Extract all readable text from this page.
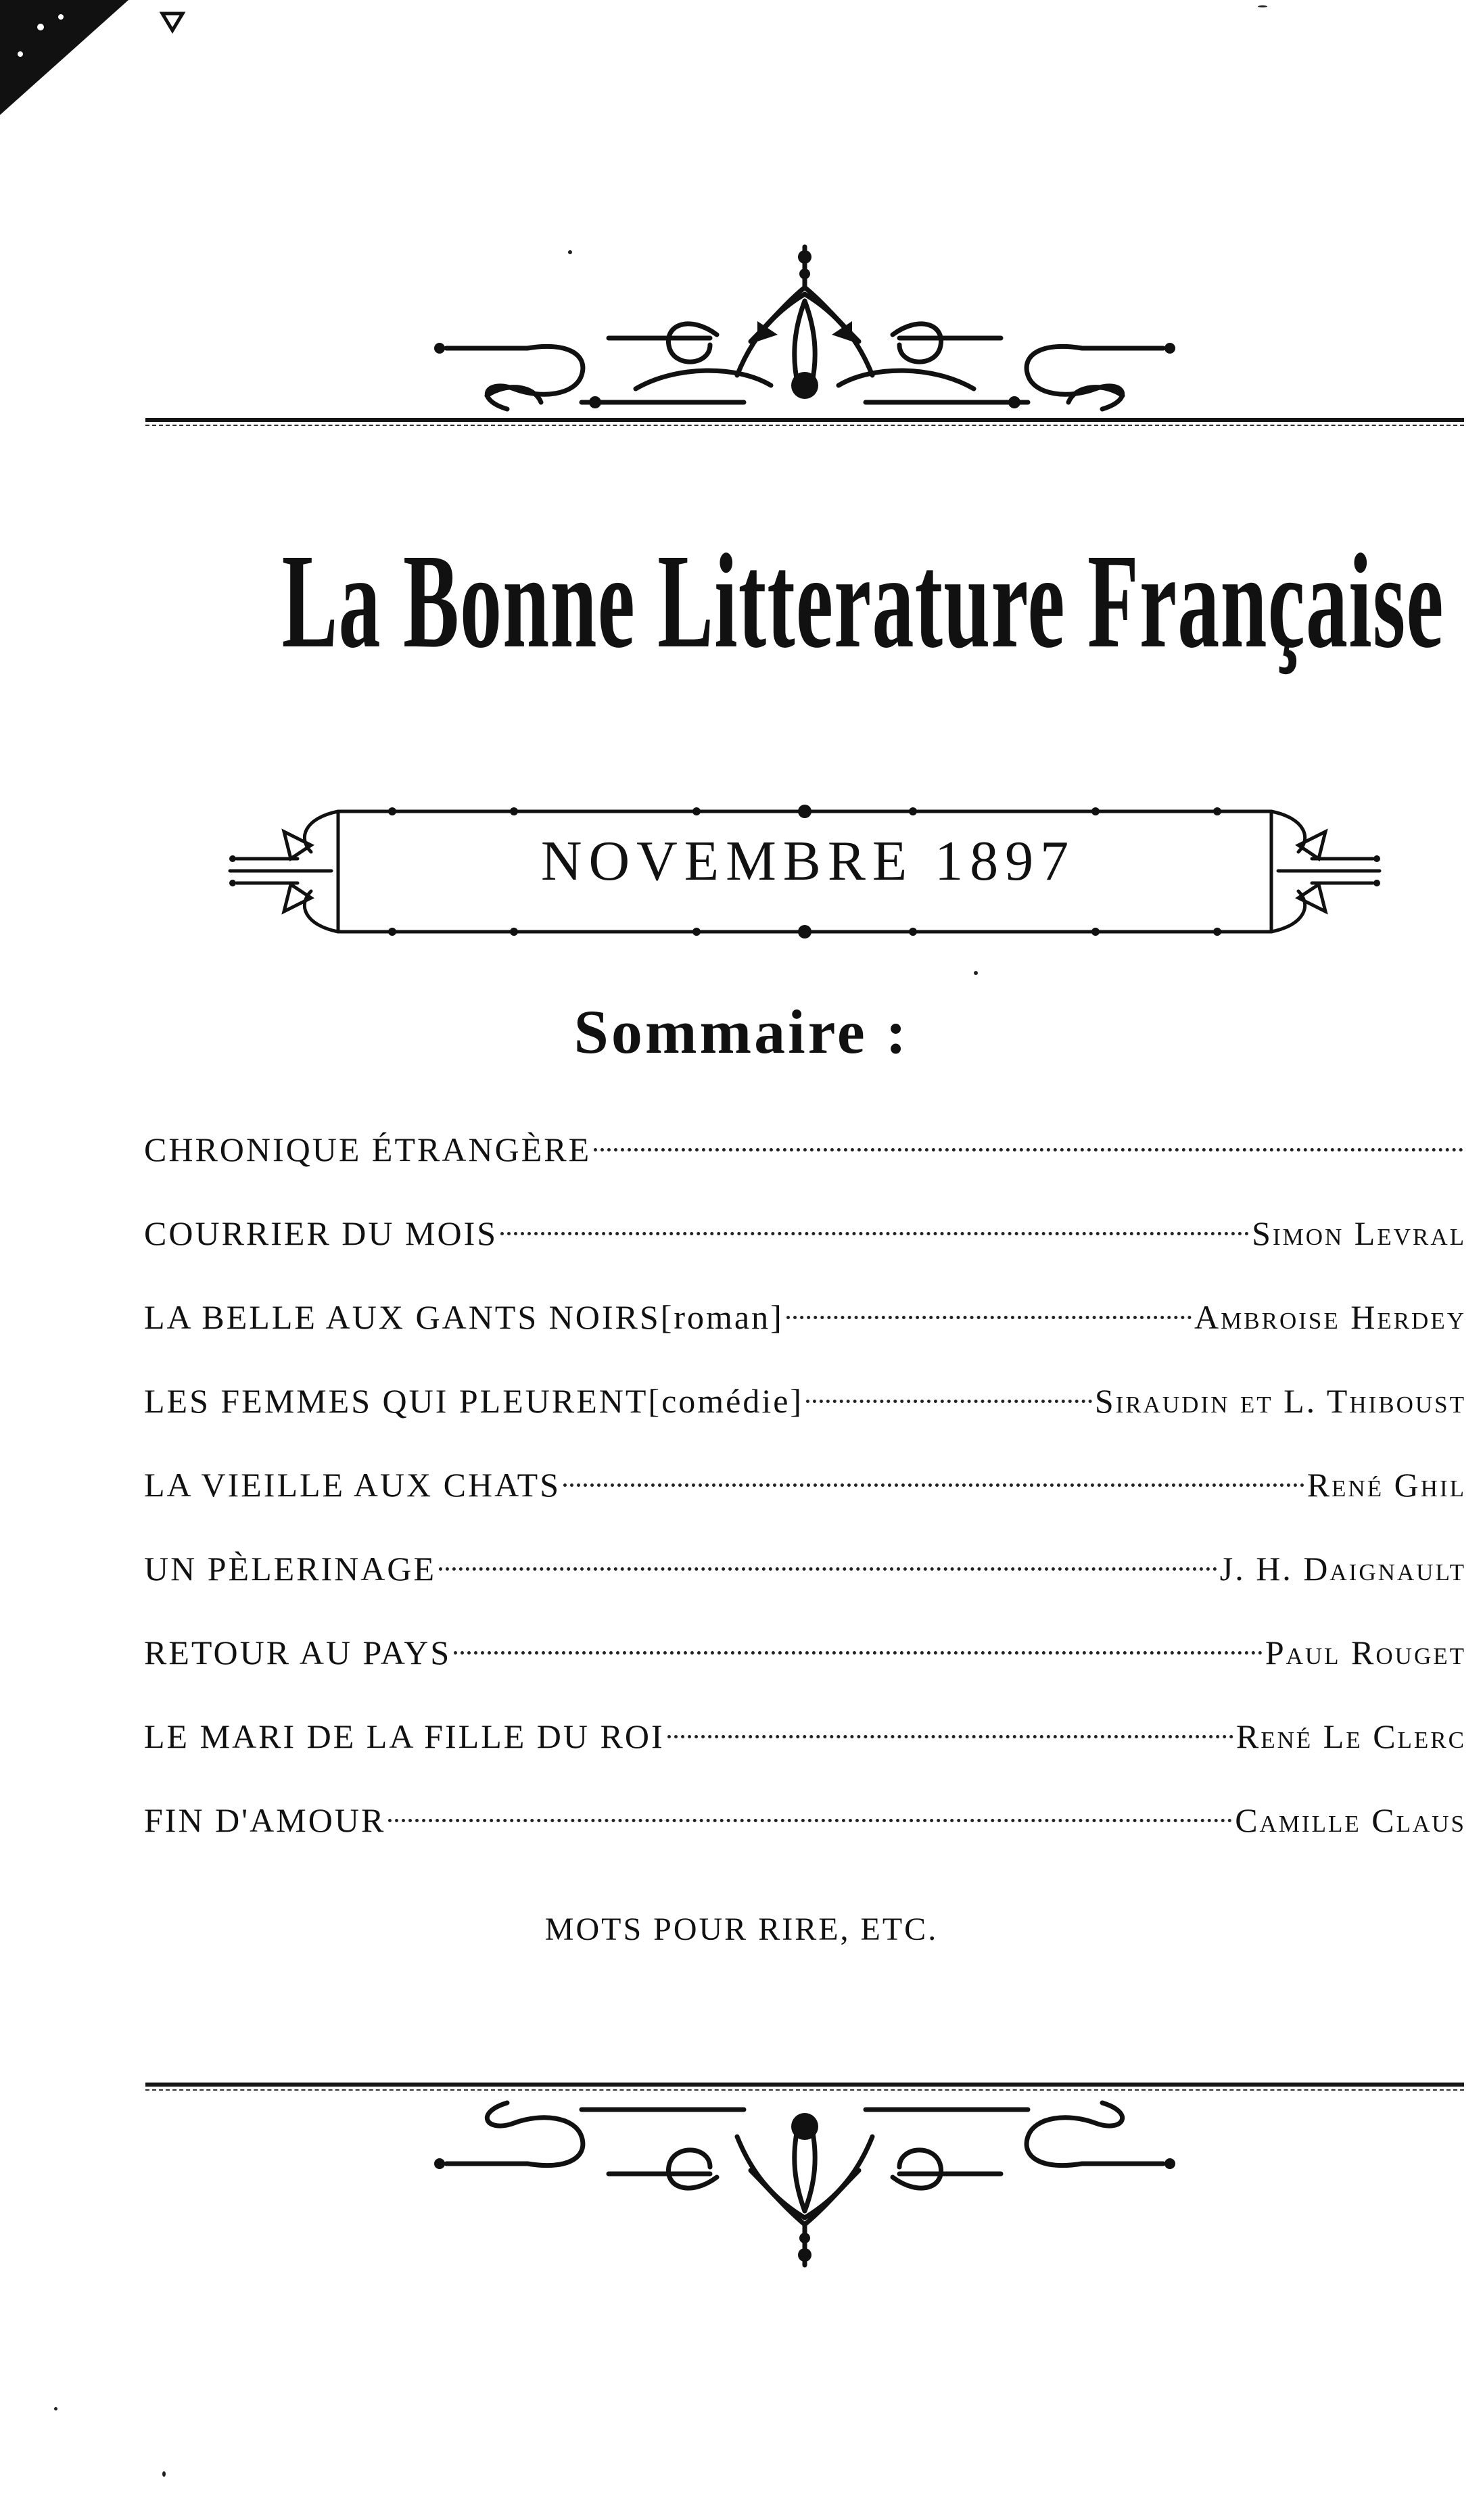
La Bonne Litterature Française
NOVEMBRE 1897
Sommaire :
CHRONIQUE ÉTRANGÈRE
COURRIER DU MOIS	Simon Levral
LA BELLE AUX GANTS NOIRS [roman]	Ambroise Herdey
LES FEMMES QUI PLEURENT [comédie]	Siraudin et L. Thiboust
LA VIEILLE AUX CHATS	René Ghil
UN PÈLERINAGE	J. H. Daignault
RETOUR AU PAYS	Paul Rouget
LE MARI DE LA FILLE DU ROI	René Le Clerc
FIN D'AMOUR	Camille Claus
MOTS POUR RIRE, ETC.
